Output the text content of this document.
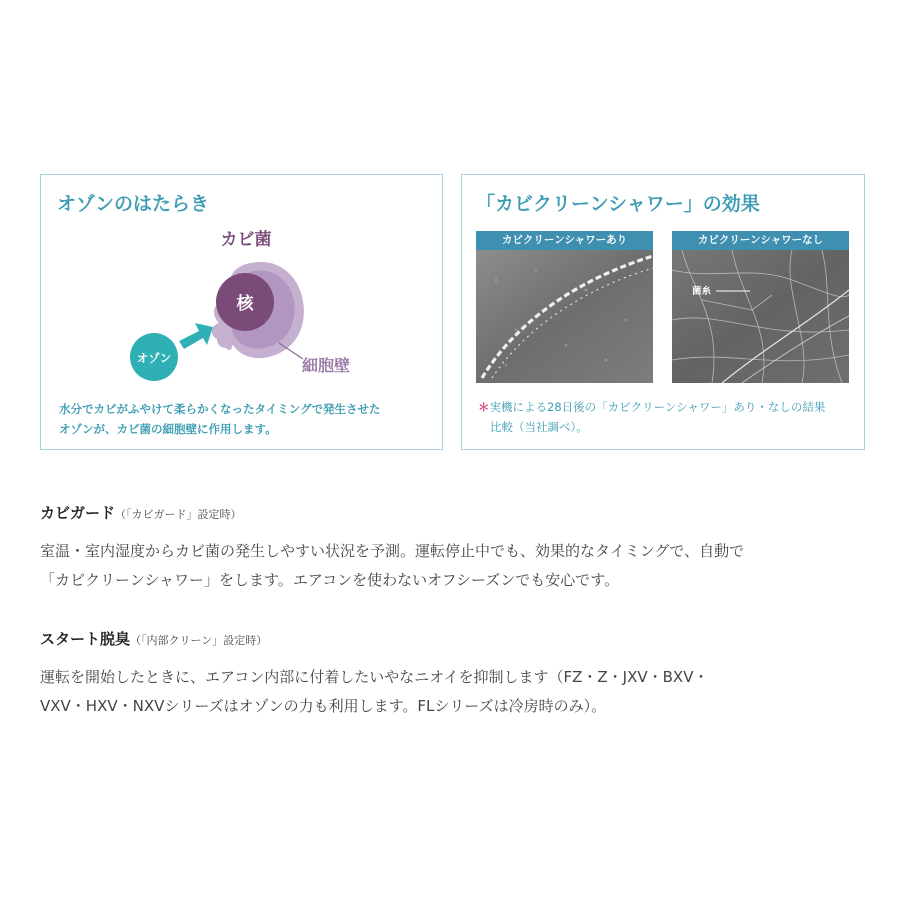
オゾンのはたらき
核
カビ菌
細胞壁
オゾン
水分でカビがふやけて柔らかくなったタイミングで発生させた
オゾンが、カビ菌の細胞壁に作用します。
「カビクリーンシャワー」の効果
カビクリーンシャワーあり	カビクリーンシャワーなし
菌糸
＊実機による28日後の「カビクリーンシャワー」あり・なしの結果
比較（当社調べ）。
カビガード（「カビガード」設定時）
室温・室内湿度からカビ菌の発生しやすい状況を予測。運転停止中でも、効果的なタイミングで、自動で
「カビクリーンシャワー」をします。エアコンを使わないオフシーズンでも安心です。
スタート脱臭（「内部クリーン」設定時）
運転を開始したときに、エアコン内部に付着したいやなニオイを抑制します（FZ・Z・JXV・BXV・
VXV・HXV・NXVシリーズはオゾンの力も利用します。FLシリーズは冷房時のみ）。
